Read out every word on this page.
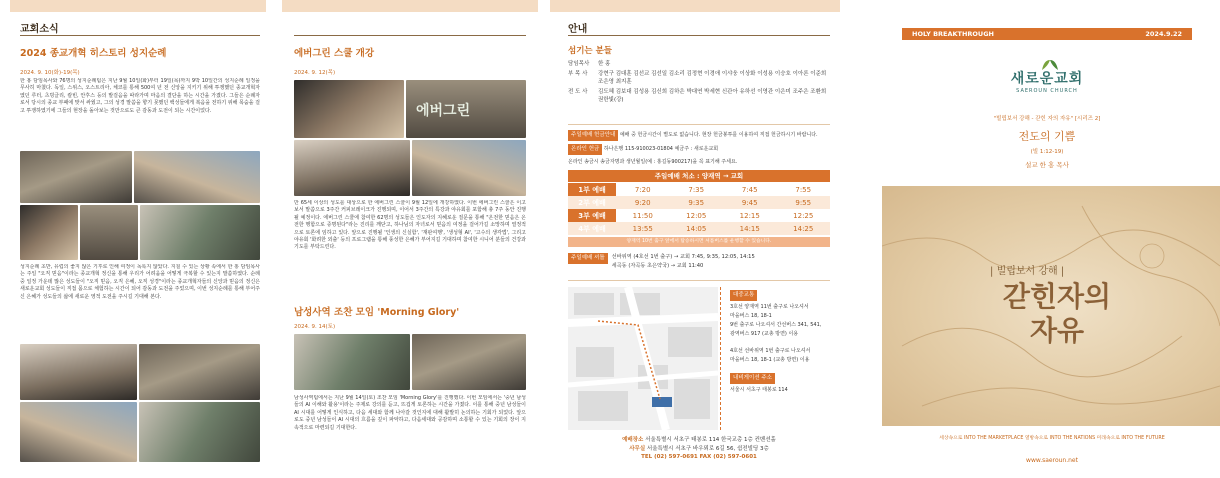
교회소식
2024 종교개혁 히스토리 성지순례
2024. 9. 10(화)-19(목)
한 홍 담임목사와 76명의 성지순례팀은 지난 9월 10일(화)부터 19일(목)까지 9박 10일간의 성지순례 일정을 무사히 마쳤다. 독일, 스위스, 오스트리아, 체코를 통해 500여 년 전 신앙을 지키기 위해 투쟁했던 종교개혁자였던 루터, 츠빙글리, 칼빈, 안후스 등의 발걸음을 따라가며 마음의 결단을 하는 시간을 가졌다. 그들은 순례자로서 당시의 종교 부패에 맞서 싸웠고, 그의 성경 말씀을 향기 못했던 백성들에게 복음을 전하기 위해 목숨을 걸고 투쟁하였기에 그들의 현장을 돌아보는 것만으로도 큰 감동과 도전이 되는 시간이었다.
성지순례 초반, 유럽의 좋지 않은 기후로 인해 여정이 녹록지 않았다. 지칠 수 있는 상황 속에서 한 홍 담임목사는 주일 "오직 믿음"이라는 종교개혁 정신을 통해 우리가 어려움을 어떻게 극복할 수 있는지 말씀하였다. 순례 중 일정 가운데 많은 성도들이 "오직 믿음, 오직 은혜, 오직 성경"이라는 종교개혁자들의 신앙과 믿음의 정신은 새로운교회 성도들이 직접 몸으로 체험하는 시간이 되어 감동과 도전을 주었으며, 이번 성지순례를 통해 부어주신 은혜가 성도들의 삶에 새로운 영적 도전을 주시길 기대해 본다.
에버그린 스쿨 개강
2024. 9. 12(목)
에버그린
만 65세 이상의 성도를 대상으로 한 에버그린 스쿨이 9월 12일에 개강하였다. 이번 에버그린 스쿨은 이고보서 말씀으로 3주간 커피브레이크가 진행되며, 이어서 3주간의 특강과 야유회를 포함해 총 7주 동안 진행될 예정이다. 에버그린 스쿨에 참여한 62명의 성도들은 인도자의 지혜로운 질문을 통해 "온전한 믿음은 온전한 행함으로 증명된다"라는 진리를 깨닫고, 하나님의 자녀로서 믿음의 여정을 걸어가길 소망하며 열정적으로 토론에 임하고 있다. 앞으로 진행될 '인생의 신실함', '재판여행', '생성형 AI', '고수의 생각법', 그리고 야유회 '화려한 외출' 등의 프로그램을 통해 풍성한 은혜가 부어지길 기대하며 참여한 시니어 분들의 건강과 기도를 부탁드린다.
남성사역 조찬 모임 'Morning Glory'
2024. 9. 14(토)
남성사역팀에서는 지난 9월 14일(토) 조찬 모임 'Morning Glory'를 진행했다. 이번 모임에서는 '중년 남성들의 AI 이해와 활용'이라는 주제로 강의를 듣고, 뜨겁게 토론하는 시간을 가졌다. 이를 통해 중년 남성들이 AI 시대를 어떻게 인식하고, 다음 세대와 함께 나아갈 것인지에 대해 활발히 논의하는 기회가 되었다. 앞으로도 중년 남성들이 AI 시대의 흐름을 깊이 파악하고, 다음세대와 공감하며 소통할 수 있는 기회의 장이 지속적으로 마련되길 기대한다.
안내
섬기는 분들
담임목사	한 홍
부 목 사	강현구 김대훈 김선교 김선일 김소리 김정현 이경애 이샤웅 이상화 이성용 이승호 이아론 이준희 조은영 최지훈
전 도 사	김도혜 김보대 김성용 김신희 김하은 박대연 박세현 신관아 유하선 이영관 이은미 조주은 조환희 권한빛(강)
주일예배 헌금안내 예배 중 헌금시간이 별도로 없습니다. 현장 헌금봉투를 이용하여 직접 헌금하시기 바랍니다.
온라인 헌금 하나은행 115-910023-01804 예금주 : 새로운교회
온라인 송금시 송금자명과 생년월일(예 : 홍길동900217)을 꼭 표기해 주세요.
주일예배 처소 : 양재역 → 교회
1부 예배	7:20	7:35	7:45	7:55
2부 예배	9:20	9:35	9:45	9:55
3부 예배	11:50	12:05	12:15	12:25
4부 예배	13:55	14:05	14:15	14:25
양재역 10번 출구 앞에서 탑승하시면 셔틀버스를 운행할 수 있습니다.
주일예배 셔틀	선바위역 (4호선 1번 출구) → 교회 7:45, 9:35, 12:05, 14:15
세곡동 (자곡동 초은약국) → 교회 11:40
대중교통
3호선 양재역 11번 출구로 나오셔서
마을버스 18, 18-1
9번 출구로 나오셔서 간선버스 341, 541,
광역버스 917 (교총 방면) 이용
4호선 선바위역 1번 출구로 나오셔서
마을버스 18, 18-1 (교총 방면) 이용
내비게이션 주소
서울시 서초구 태봉로 114
예배장소 서울특별시 서초구 태봉로 114 한국교총 1층 컨벤션홀
사무실 서울특별시 서초구 바우뫼로 6길 56, 쉼전빌딩 3층
TEL (02) 597-0691 FAX (02) 597-0601
HOLY BREAKTHROUGH	2024.9.22
새로운교회
SAEROUN CHURCH
"빌립보서 강해 - 갇힌 자의 자유" [시리즈 2]
전도의 기쁨
(빌 1:12-19)
설교 한 홍 목사
| 빌립보서 강해 |
갇힌자의
자유
세상속으로 INTO THE MARKETPLACE 열방속으로 INTO THE NATIONS 미래속으로 INTO THE FUTURE
www.saeroun.net
